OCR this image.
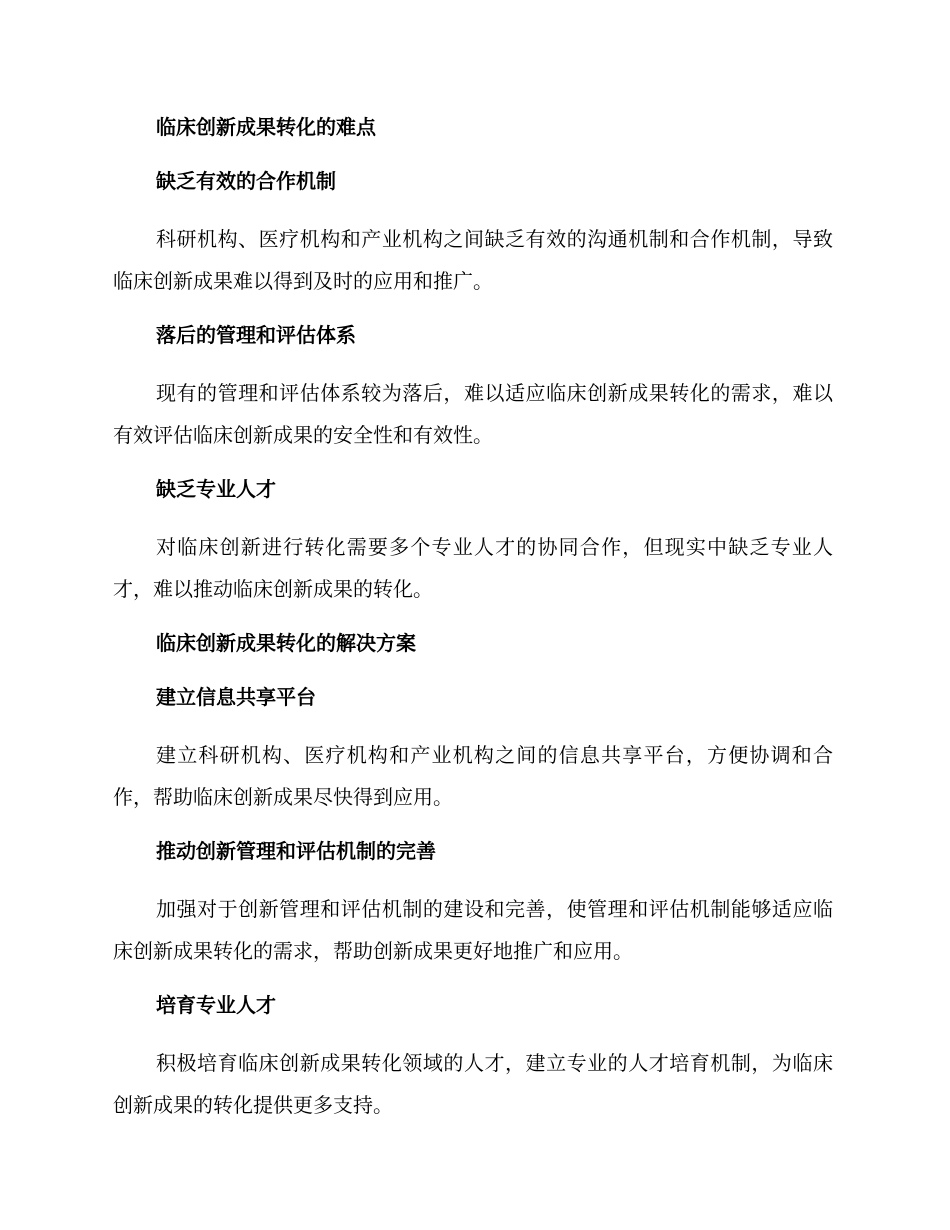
临床创新成果转化的难点
缺乏有效的合作机制

科研机构、医疗机构和产业机构之间缺乏有效的沟通机制和合作机制，导致临床创新成果难以得到及时的应用和推广。

落后的管理和评估体系

现有的管理和评估体系较为落后，难以适应临床创新成果转化的需求，难以有效评估临床创新成果的安全性和有效性。

缺乏专业人才

对临床创新进行转化需要多个专业人才的协同合作，但现实中缺乏专业人才，难以推动临床创新成果的转化。

临床创新成果转化的解决方案
建立信息共享平台

建立科研机构、医疗机构和产业机构之间的信息共享平台，方便协调和合作，帮助临床创新成果尽快得到应用。

推动创新管理和评估机制的完善

加强对于创新管理和评估机制的建设和完善，使管理和评估机制能够适应临床创新成果转化的需求，帮助创新成果更好地推广和应用。

培育专业人才

积极培育临床创新成果转化领域的人才，建立专业的人才培育机制，为临床创新成果的转化提供更多支持。
